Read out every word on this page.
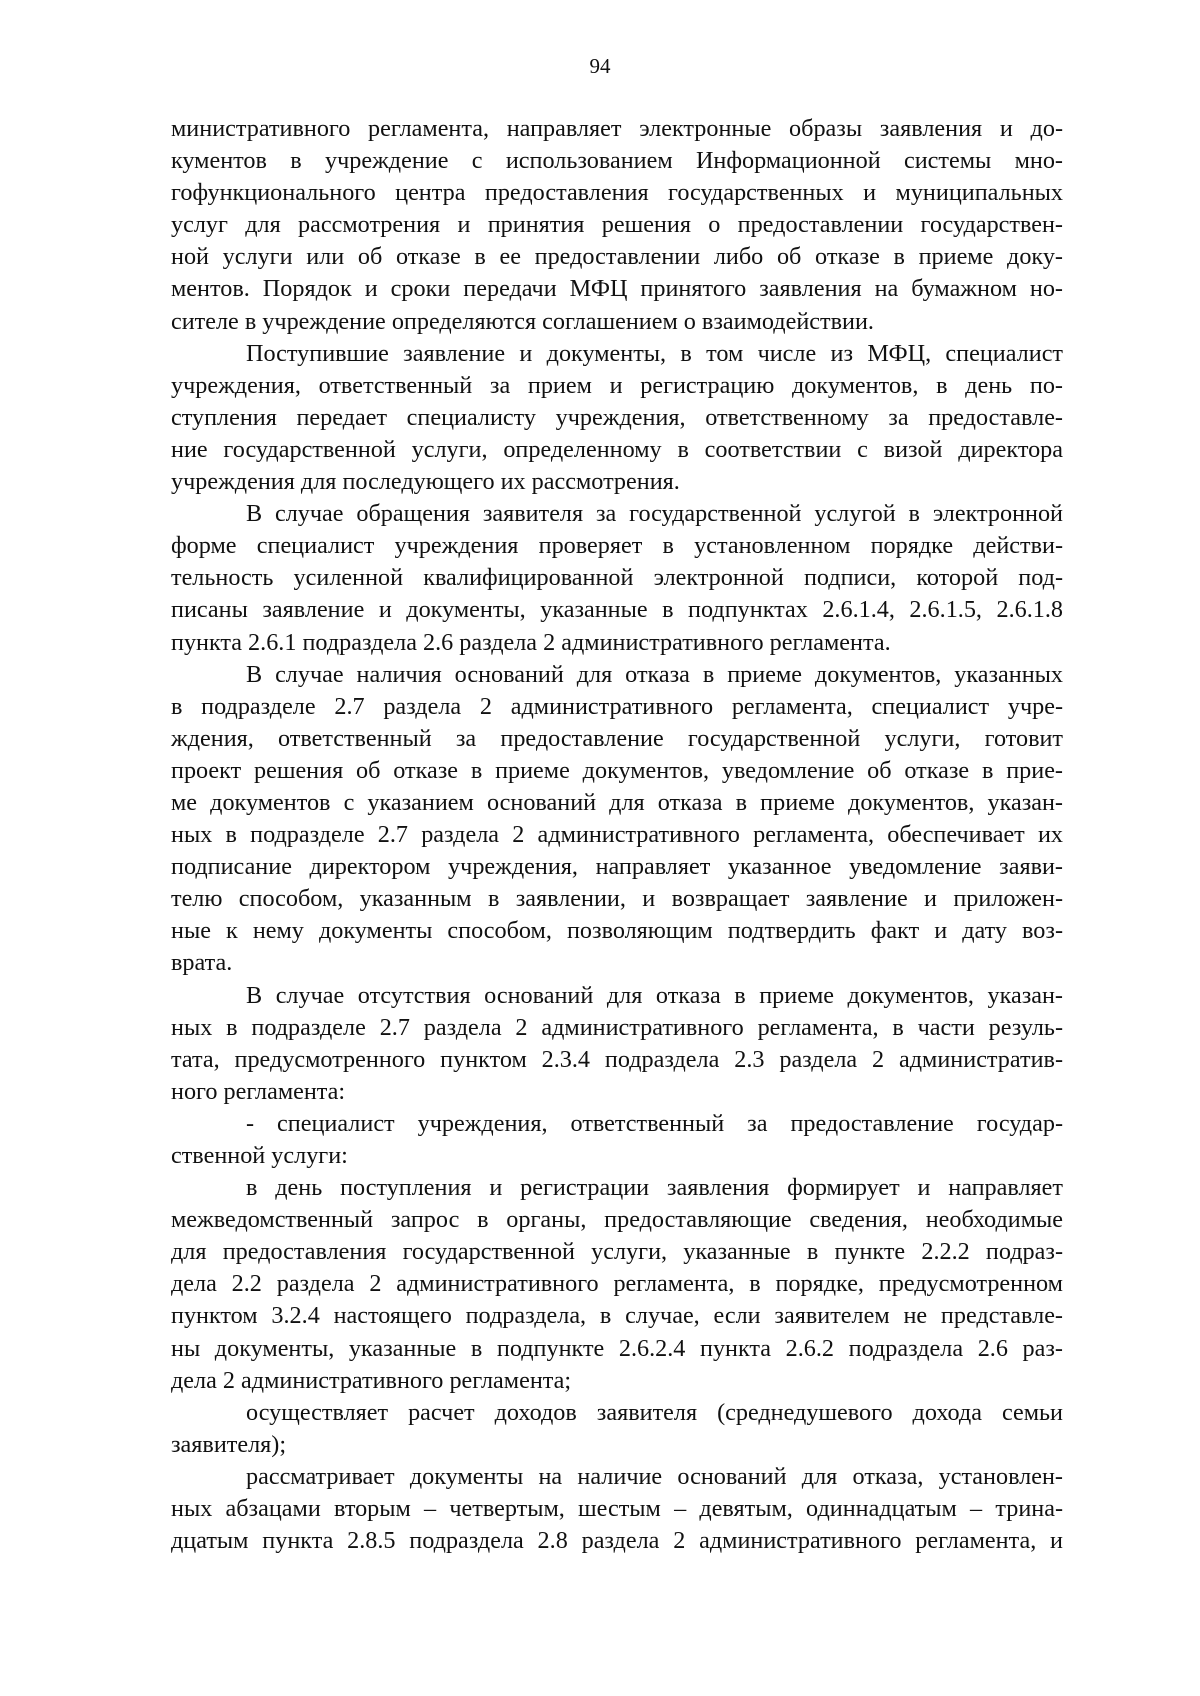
94
министративного регламента, направляет электронные образы заявления и до-
кументов в учреждение с использованием Информационной системы мно-
гофункционального центра предоставления государственных и муниципальных
услуг для рассмотрения и принятия решения о предоставлении государствен-
ной услуги или об отказе в ее предоставлении либо об отказе в приеме доку-
ментов. Порядок и сроки передачи МФЦ принятого заявления на бумажном но-
сителе в учреждение определяются соглашением о взаимодействии.
Поступившие заявление и документы, в том числе из МФЦ, специалист
учреждения, ответственный за прием и регистрацию документов, в день по-
ступления передает специалисту учреждения, ответственному за предоставле-
ние государственной услуги, определенному в соответствии с визой директора
учреждения для последующего их рассмотрения.
В случае обращения заявителя за государственной услугой в электронной
форме специалист учреждения проверяет в установленном порядке действи-
тельность усиленной квалифицированной электронной подписи, которой под-
писаны заявление и документы, указанные в подпунктах 2.6.1.4, 2.6.1.5, 2.6.1.8
пункта 2.6.1 подраздела 2.6 раздела 2 административного регламента.
В случае наличия оснований для отказа в приеме документов, указанных
в подразделе 2.7 раздела 2 административного регламента, специалист учре-
ждения, ответственный за предоставление государственной услуги, готовит
проект решения об отказе в приеме документов, уведомление об отказе в прие-
ме документов с указанием оснований для отказа в приеме документов, указан-
ных в подразделе 2.7 раздела 2 административного регламента, обеспечивает их
подписание директором учреждения, направляет указанное уведомление заяви-
телю способом, указанным в заявлении, и возвращает заявление и приложен-
ные к нему документы способом, позволяющим подтвердить факт и дату воз-
врата.
В случае отсутствия оснований для отказа в приеме документов, указан-
ных в подразделе 2.7 раздела 2 административного регламента, в части резуль-
тата, предусмотренного пунктом 2.3.4 подраздела 2.3 раздела 2 административ-
ного регламента:
- специалист учреждения, ответственный за предоставление государ-
ственной услуги:
в день поступления и регистрации заявления формирует и направляет
межведомственный запрос в органы, предоставляющие сведения, необходимые
для предоставления государственной услуги, указанные в пункте 2.2.2 подраз-
дела 2.2 раздела 2 административного регламента, в порядке, предусмотренном
пунктом 3.2.4 настоящего подраздела, в случае, если заявителем не представле-
ны документы, указанные в подпункте 2.6.2.4 пункта 2.6.2 подраздела 2.6 раз-
дела 2 административного регламента;
осуществляет расчет доходов заявителя (среднедушевого дохода семьи
заявителя);
рассматривает документы на наличие оснований для отказа, установлен-
ных абзацами вторым – четвертым, шестым – девятым, одиннадцатым – трина-
дцатым пункта 2.8.5 подраздела 2.8 раздела 2 административного регламента, и
